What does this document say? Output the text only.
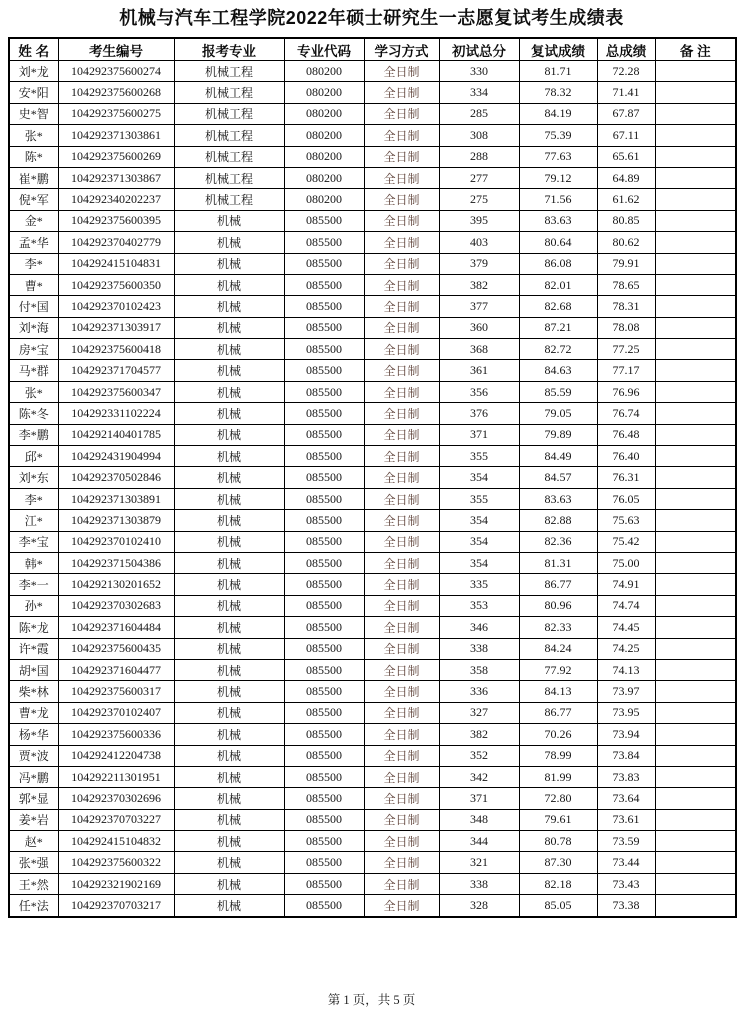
机械与汽车工程学院2022年硕士研究生一志愿复试考生成绩表
姓 名	考生编号	报考专业	专业代码	学习方式	初试总分	复试成绩	总成绩	备 注
刘*龙	104292375600274	机械工程	080200	全日制	330	81.71	72.28	
安*阳	104292375600268	机械工程	080200	全日制	334	78.32	71.41	
史*智	104292375600275	机械工程	080200	全日制	285	84.19	67.87	
张*	104292371303861	机械工程	080200	全日制	308	75.39	67.11	
陈*	104292375600269	机械工程	080200	全日制	288	77.63	65.61	
崔*鹏	104292371303867	机械工程	080200	全日制	277	79.12	64.89	
倪*军	104292340202237	机械工程	080200	全日制	275	71.56	61.62	
金*	104292375600395	机械	085500	全日制	395	83.63	80.85	
孟*华	104292370402779	机械	085500	全日制	403	80.64	80.62	
李*	104292415104831	机械	085500	全日制	379	86.08	79.91	
曹*	104292375600350	机械	085500	全日制	382	82.01	78.65	
付*国	104292370102423	机械	085500	全日制	377	82.68	78.31	
刘*海	104292371303917	机械	085500	全日制	360	87.21	78.08	
房*宝	104292375600418	机械	085500	全日制	368	82.72	77.25	
马*群	104292371704577	机械	085500	全日制	361	84.63	77.17	
张*	104292375600347	机械	085500	全日制	356	85.59	76.96	
陈*冬	104292331102224	机械	085500	全日制	376	79.05	76.74	
李*鹏	104292140401785	机械	085500	全日制	371	79.89	76.48	
邱*	104292431904994	机械	085500	全日制	355	84.49	76.40	
刘*东	104292370502846	机械	085500	全日制	354	84.57	76.31	
李*	104292371303891	机械	085500	全日制	355	83.63	76.05	
江*	104292371303879	机械	085500	全日制	354	82.88	75.63	
李*宝	104292370102410	机械	085500	全日制	354	82.36	75.42	
韩*	104292371504386	机械	085500	全日制	354	81.31	75.00	
李*一	104292130201652	机械	085500	全日制	335	86.77	74.91	
孙*	104292370302683	机械	085500	全日制	353	80.96	74.74	
陈*龙	104292371604484	机械	085500	全日制	346	82.33	74.45	
许*霞	104292375600435	机械	085500	全日制	338	84.24	74.25	
胡*国	104292371604477	机械	085500	全日制	358	77.92	74.13	
柴*林	104292375600317	机械	085500	全日制	336	84.13	73.97	
曹*龙	104292370102407	机械	085500	全日制	327	86.77	73.95	
杨*华	104292375600336	机械	085500	全日制	382	70.26	73.94	
贾*波	104292412204738	机械	085500	全日制	352	78.99	73.84	
冯*鹏	104292211301951	机械	085500	全日制	342	81.99	73.83	
郭*显	104292370302696	机械	085500	全日制	371	72.80	73.64	
姜*岩	104292370703227	机械	085500	全日制	348	79.61	73.61	
赵*	104292415104832	机械	085500	全日制	344	80.78	73.59	
张*强	104292375600322	机械	085500	全日制	321	87.30	73.44	
王*然	104292321902169	机械	085500	全日制	338	82.18	73.43	
任*法	104292370703217	机械	085500	全日制	328	85.05	73.38	
第 1 页，共 5 页
